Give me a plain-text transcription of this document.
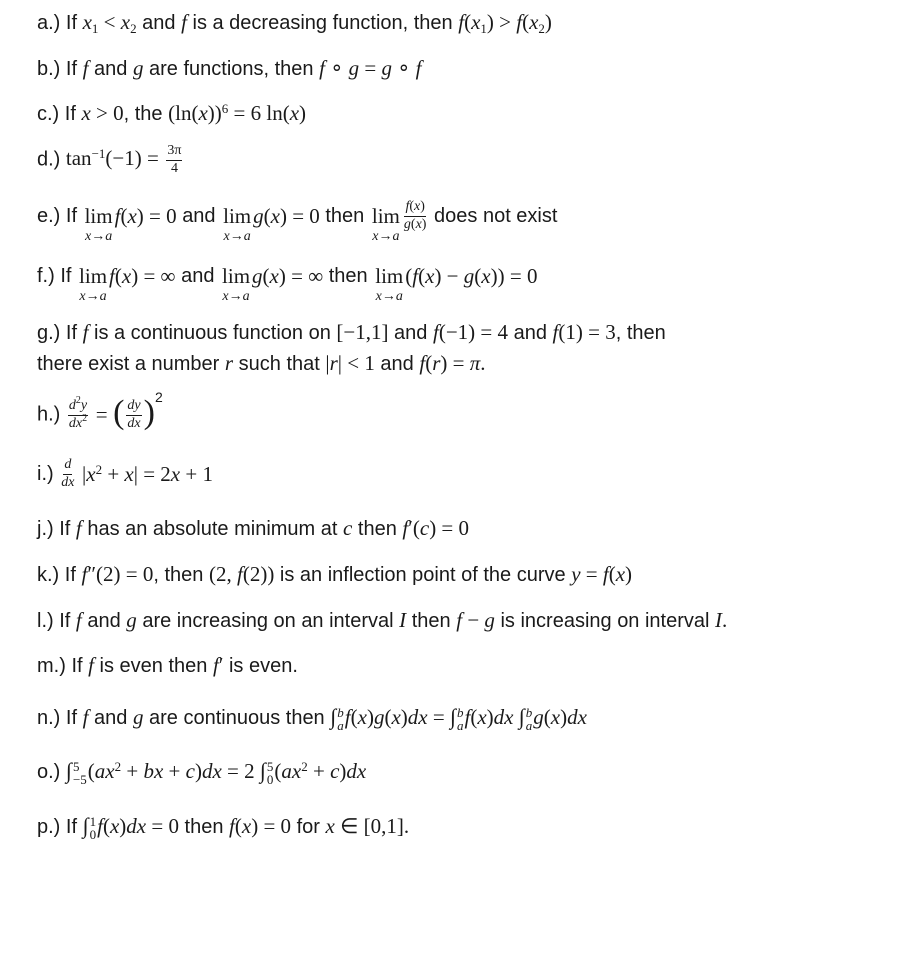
a.) If $x_1 < x_2$ and f is a decreasing function, then $f(x_1) > f(x_2)$
b.) If f and g are functions, then f ∘ g = g ∘ f
c.) If x > 0, the $(\ln(x))^6 = 6$ ln(x)
d.) $\tan^{-1}(-1) = \frac{3\pi}{4}$
e.) If lim
x→a
f(x) = 0 and lim
x→a
g(x) = 0 then lim
x→a
$\frac{f(x)}{g(x)}$ does not exist
f.) If lim
x→a
f(x) = ∞ and lim
x→a
g(x) = ∞ then lim
x→a
(f(x) − g(x)) = 0
g.) If f is a continuous function on [−1,1] and f(−1) = 4 and f(1) = 3, then
there exist a number r such that |r| < 1 and f(r) = π.
$h.) \frac{d^2y}{dx^2}$ = ( $\frac{dy}{dx} )^2$
$i.) \frac{d}{dx} |x^2 + x| = 2x + 1$
j.) If f has an absolute minimum at c then f′(c) = 0
k.) If f″(2) = 0, then (2, f(2)) is an inflection point of the curve y = f(x)
l.) If f and g are increasing on an interval I then f − g is increasing on interval I.
m.) If f is even then f′ is even.
n.) If f and g are continuous then ∫ b
a f(x)g(x)dx = ∫ b
a f(x)dx ∫ b
a g(x)dx
o.) ∫ 5
−5 ($ax^2$ + bx + c)dx = 2 ∫ 5
0 $(ax^2 + c)dx$
p.) If ∫ 1
0 f(x)dx = 0 then f(x) = 0 for x ∈ [0,1].
